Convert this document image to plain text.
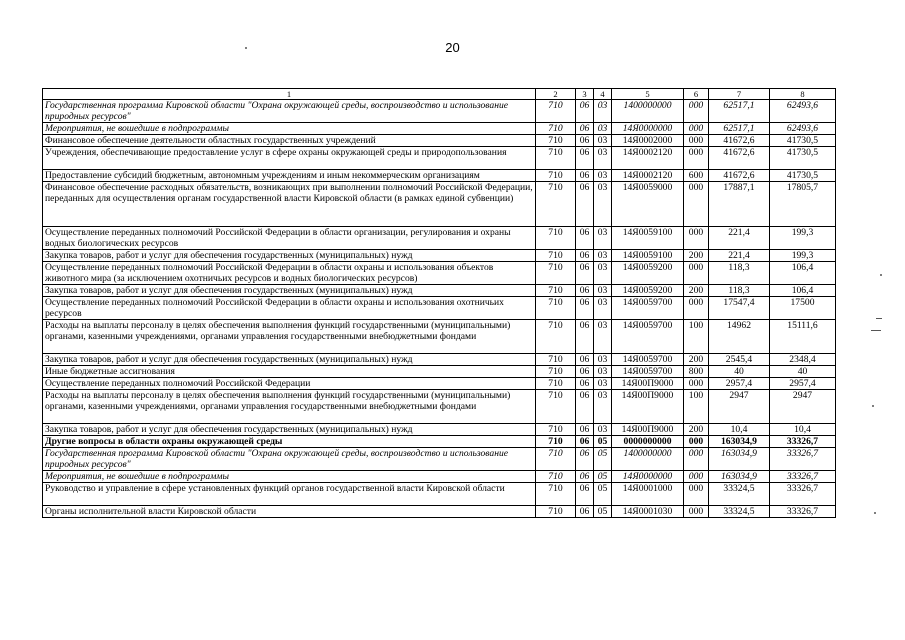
20
1	2	3	4	5	6	7	8
Государственная программа Кировской области "Охрана окружающей среды, воспроизводство и использование природных ресурсов"	710	06	03	1400000000	000	62517,1	62493,6
Мероприятия, не вошедшие в подпрограммы	710	06	03	14Я0000000	000	62517,1	62493,6
Финансовое обеспечение деятельности областных государственных учреждений	710	06	03	14Я0002000	000	41672,6	41730,5
Учреждения, обеспечивающие предоставление услуг в сфере охраны окружающей среды и природопользования	710	06	03	14Я0002120	000	41672,6	41730,5
Предоставление субсидий бюджетным, автономным учреждениям и иным некоммерческим организациям	710	06	03	14Я0002120	600	41672,6	41730,5
Финансовое обеспечение расходных обязательств, возникающих при выполнении полномочий Российской Федерации, переданных для осуществления органам государственной власти Кировской области (в рамках единой субвенции)	710	06	03	14Я0059000	000	17887,1	17805,7
Осуществление переданных полномочий Российской Федерации в области организации, регулирования и охраны водных биологических ресурсов	710	06	03	14Я0059100	000	221,4	199,3
Закупка товаров, работ и услуг для обеспечения государственных (муниципальных) нужд	710	06	03	14Я0059100	200	221,4	199,3
Осуществление переданных полномочий Российской Федерации в области охраны и использования объектов животного мира (за исключением охотничьих ресурсов и водных биологических ресурсов)	710	06	03	14Я0059200	000	118,3	106,4
Закупка товаров, работ и услуг для обеспечения государственных (муниципальных) нужд	710	06	03	14Я0059200	200	118,3	106,4
Осуществление переданных полномочий Российской Федерации в области охраны и использования охотничьих ресурсов	710	06	03	14Я0059700	000	17547,4	17500
Расходы на выплаты персоналу в целях обеспечения выполнения функций государственными (муниципальными) органами, казенными учреждениями, органами управления государственными внебюджетными фондами	710	06	03	14Я0059700	100	14962	15111,6
Закупка товаров, работ и услуг для обеспечения государственных (муниципальных) нужд	710	06	03	14Я0059700	200	2545,4	2348,4
Иные бюджетные ассигнования	710	06	03	14Я0059700	800	40	40
Осуществление переданных полномочий Российской Федерации	710	06	03	14Я00П9000	000	2957,4	2957,4
Расходы на выплаты персоналу в целях обеспечения выполнения функций государственными (муниципальными) органами, казенными учреждениями, органами управления государственными внебюджетными фондами	710	06	03	14Я00П9000	100	2947	2947
Закупка товаров, работ и услуг для обеспечения государственных (муниципальных) нужд	710	06	03	14Я00П9000	200	10,4	10,4
Другие вопросы в области охраны окружающей среды	710	06	05	0000000000	000	163034,9	33326,7
Государственная программа Кировской области "Охрана окружающей среды, воспроизводство и использование природных ресурсов"	710	06	05	1400000000	000	163034,9	33326,7
Мероприятия, не вошедшие в подпрограммы	710	06	05	14Я0000000	000	163034,9	33326,7
Руководство и управление в сфере установленных функций органов государственной власти Кировской области	710	06	05	14Я0001000	000	33324,5	33326,7
Органы исполнительной власти Кировской области	710	06	05	14Я0001030	000	33324,5	33326,7
